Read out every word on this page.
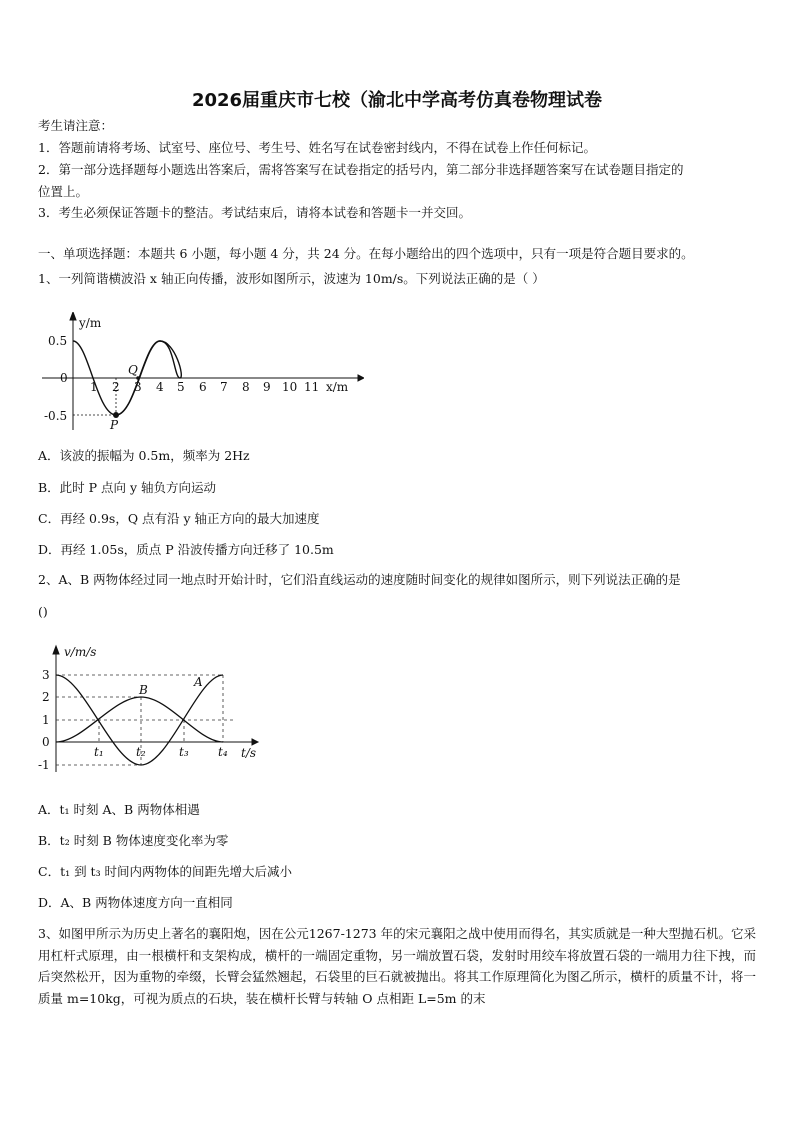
2026届重庆市七校（渝北中学高考仿真卷物理试卷
考生请注意：
1．答题前请将考场、试室号、座位号、考生号、姓名写在试卷密封线内，不得在试卷上作任何标记。
2．第一部分选择题每小题选出答案后，需将答案写在试卷指定的括号内，第二部分非选择题答案写在试卷题目指定的
位置上。
3．考生必须保证答题卡的整洁。考试结束后，请将本试卷和答题卡一并交回。
一、单项选择题：本题共 6 小题，每小题 4 分，共 24 分。在每小题给出的四个选项中，只有一项是符合题目要求的。
1、一列简谐横波沿 x 轴正向传播，波形如图所示，波速为 10m/s。下列说法正确的是（ ）
y/m
x/m
0.5
0
-0.5
1 2 3 4 5 6 7 8 9 10 11
Q
P
A．该波的振幅为 0.5m，频率为 2Hz
B．此时 P 点向 y 轴负方向运动
C．再经 0.9s，Q 点有沿 y 轴正方向的最大加速度
D．再经 1.05s，质点 P 沿波传播方向迁移了 10.5m
2、A、B 两物体经过同一地点时开始计时，它们沿直线运动的速度随时间变化的规律如图所示，则下列说法正确的是
()
v/m/s
t/s
3
2
1
0
-1
t₁	t₂	t₃ t₄
B
A
A．t₁ 时刻 A、B 两物体相遇
B．t₂ 时刻 B 物体速度变化率为零
C．t₁ 到 t₃ 时间内两物体的间距先增大后减小
D．A、B 两物体速度方向一直相同
3、如图甲所示为历史上著名的襄阳炮，因在公元1267-1273 年的宋元襄阳之战中使用而得名，其实质就是一种大型抛石机。它采用杠杆式原理，由一根横杆和支架构成，横杆的一端固定重物，另一端放置石袋，发射时用绞车将放置石袋的一端用力往下拽，而后突然松开，因为重物的牵缀，长臂会猛然翘起，石袋里的巨石就被抛出。将其工作原理简化为图乙所示，横杆的质量不计，将一质量 m=10kg，可视为质点的石块，装在横杆长臂与转轴 O 点相距 L=5m 的末
